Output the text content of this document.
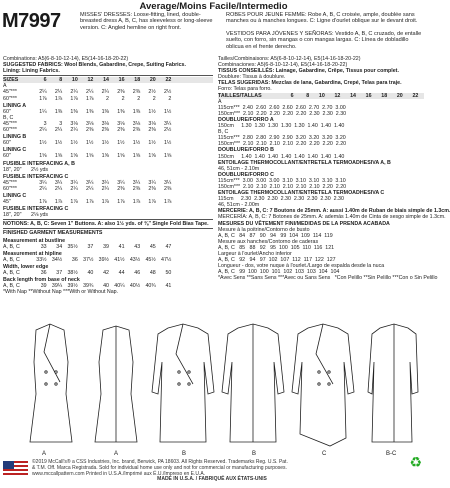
Average/Moins Facile/Intermedio
M7997	MISSES' DRESSES: Loose-fitting, lined, double-breasted dress A, B, C, has sleeveless or long-sleeve version. C: Angled hemline on right front.
ROBES POUR JEUNE FEMME: Robe A, B, C croisée, ample, doublée sans manches ou à manches longues. C: Ligne d'ourlet oblique sur le devant droit.
VESTIDOS PARA JÓVENES Y SEÑORAS: Vestido A, B, C cruzado, de entalle suelto, con forro, sin mangas o con mangas largas. C: Línea de dobladillo oblicua en el frente derecho.
Combinations: A5(6-8-10-12-14), E5(14-16-18-20-22)
SUGGESTED FABRICS: Wool Blends, Gabardine, Crepe, Suiting Fabrics.
Lining: Lining Fabrics.
SIZES	6	8	10	12	14	16	18	20	22
A
45"***	2¼	2¼	2¼	2¼	2¼	2⅜	2⅜	2½	2½
60"***	1⅞	1⅞	1⅞	1⅞	2	2	2	2	2
LINING A
60"	1¼	1⅜	1⅜	1⅜	1⅜	1⅜	1⅜	1½	1½
B, C
45"***	3	3	3⅛	3⅛	3⅛	3⅛	3⅛	3⅛	3¼
60"***	2¼	2¼	2¼	2⅜	2⅜	2⅜	2⅜	2⅜	2½
LINING B
60"	1½	1½	1½	1½	1½	1½	1½	1½	1½
LINING C
60"	1⅝	1⅝	1⅝	1⅝	1⅝	1⅝	1⅝	1⅝	1⅝
FUSIBLE INTERFACING A, B
18", 20"	2½ yds
FUSIBLE INTERFACING C
45"***	3¼	3¼	3¼	3¼	3¼	3¼	3¼	3¼	3¼
60"***	2¼	2¼	2¼	2¼	2¼	2⅜	2⅜	2⅜	2⅜
LINING C
45"	1⅞	1⅞	1⅞	1⅞	1⅞	1⅞	1⅞	1⅞	1⅞
FUSIBLE INTERFACING C
18", 20"	2⅛ yds
NOTIONS: A, B, C: Seven 1" Buttons. A: also 1½ yds. of ⅜" Single Fold Bias Tape.
FINISHED GARMENT MEASUREMENTS
Measurement at bustline
A, B, C	33	34 35½	37	39	41	43	45	47
Measurement at hipline
A, B, C	33½ 34½	36 37½ 39½ 41½ 43½ 45½ 47½
Width, lower edge
A, B, C	36	37 38½	40	42	44	46	48	50
Back length from base of neck
A, B, C	39 39¼ 39½ 39¾	40 40¼ 40½ 40¾	41
*With Nap **Without Nap ***With or Without Nap.
Tailles/Combinaisons: A5(6-8-10-12-14), E5(14-16-18-20-22)
Combinaciones: A5(6-8-10-12-14), E5(14-16-18-20-22)
TISSUS CONSEILLÉS: Lainage, Gabardine, Crêpe, Tissus pour complet.
Doublure: Tissus à doublure.
TELAS SUGERIDAS: Mezclas de lana, Gabardina, Crepé, Telas para traje.
Forro: Telas para forro.
TAILLES/TALLAS	6	8	10	12	14	16	18	20	22
A
115cm***  2.40  2.60  2.60  2.60  2.60  2.70  2.70  3.00
150cm***  2.10  2.20  2.20  2.20  2.20  2.30  2.30  2.30
DOUBLURE/FORRO A
150cm     1.30  1.30  1.30  1.30  1.30  1.40  1.40  1.40
B, C
115cm***  2.80  2.80  2.90  2.90  3.20  3.20  3.20  3.20
150cm***  2.10  2.10  2.10  2.10  2.20  2.20  2.20  2.20
DOUBLURE/FORRO B
150cm     1.40  1.40  1.40  1.40  1.40  1.40  1.40  1.40
ENTOILAGE THERMOCOLLANT/ENTRETELA TERMOADHESIVA A, B
46, 51cm - 2.10m
DOUBLURE/FORRO C
115cm***  3.00  3.00  3.00  3.10  3.10  3.10  3.10  3.10
150cm***  2.10  2.10  2.10  2.10  2.10  2.10  2.20  2.20
ENTOILAGE THERMOCOLLANT/ENTRETELA TERMOADHESIVA C
115cm     2.30  2.30  2.30  2.30  2.30  2.30  2.30  2.30
46, 51cm - 2.00m
MERCERIE: A, B, C: 7 Boutons de 25mm. A: aussi 1.40m de Ruban de biais simple de 1.3cm.
MERCERÍA: A, B, C: 7 Botones de 25mm. A: además 1.40m de Cinta de sesgo simple de 1.3cm.
MESURES DU VÊTEMENT FINI/MEDIDAS DE LA PRENDA ACABADA
Mesure à la poitrine/Contorno de busto
A, B, C   84   87   90   94   99  104  109  114  119
Mesure aux hanches/Contorno de caderas
A, B, C   85   88   92   95  100  105  110  116  121
Largeur à l'ourlet/Ancho inferior
A, B, C   92   94   97  102  107  112  117  122  127
Longueur - dos, votre nuque à l'ourlet./Largo de espalda desde la nuca
A, B, C   99  100  100  101  102  103  103  104  104
*Avec Sens **Sans Sens ***Avec ou Sans Sens   *Con Pelillo **Sin Pelillo ***Con o Sin Pelillo
A	A	B	B	C	B-C
©2019 McCall's® a CSS Industries, Inc. brand, Berwick, PA 18603. All Rights Reserved. Trademarks Reg. U.S. Pat.
& T.M. Off. Marca Registrada. Sold for individual home use only and not for commercial or manufacturing purposes.
www.mccallpattern.com Printed in U.S.A./Imprimé aux É.U./Impreso en E.U.A.
MADE IN U.S.A. / FABRIQUÉ AUX ÉTATS-UNIS
♻
